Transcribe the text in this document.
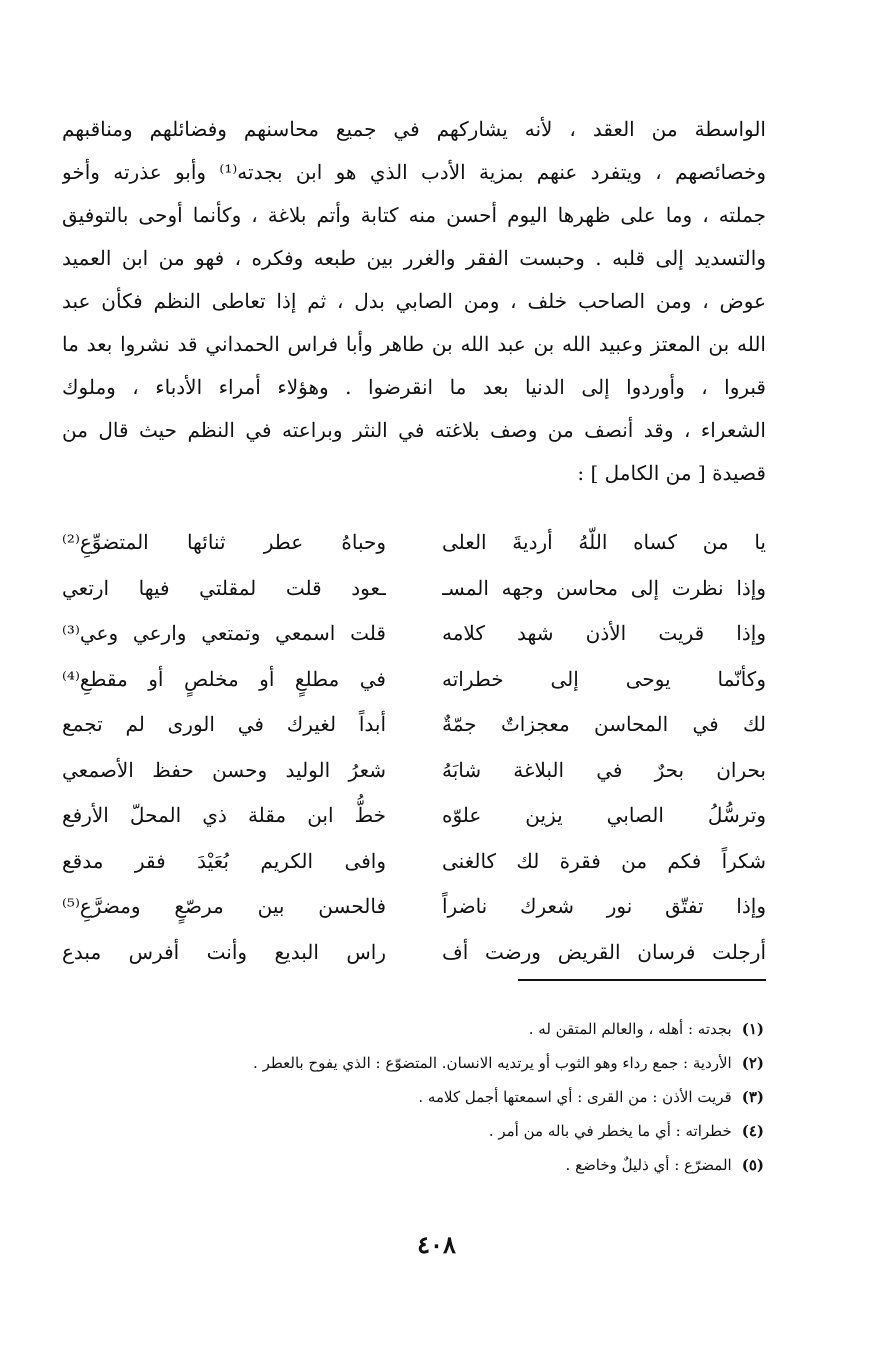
الواسطة من العقد ، لأنه يشاركهم في جميع محاسنهم وفضائلهم ومناقبهم
وخصائصهم ، ويتفرد عنهم بمزية الأدب الذي هو ابن بجدته⁽¹⁾ وأبو عذرته وأخو
جملته ، وما على ظهرها اليوم أحسن منه كتابة وأتم بلاغة ، وكأنما أوحى بالتوفيق
والتسديد إلى قلبه . وحبست الفقر والغرر بين طبعه وفكره ، فهو من ابن العميد
عوض ، ومن الصاحب خلف ، ومن الصابي بدل ، ثم إذا تعاطى النظم فكأن عبد
الله بن المعتز وعبيد الله بن عبد الله بن طاهر وأبا فراس الحمداني قد نشروا بعد ما
قبروا ، وأوردوا إلى الدنيا بعد ما انقرضوا . وهؤلاء أمراء الأدباء ، وملوك
الشعراء ، وقد أنصف من وصف بلاغته في النثر وبراعته في النظم حيث قال من
قصيدة [ من الكامل ] :
يا من كساه اللّهُ أرديةَ العلى
وحباهُ عطر ثنائها المتضوِّعِ⁽²⁾
وإذا نظرت إلى محاسن وجهه المسـ
ـعود قلت لمقلتي فيها ارتعي
وإذا قريت الأذن شهد كلامه
قلت اسمعي وتمتعي وارعي وعي⁽³⁾
وكأنّما يوحى إلى خطراته
في مطلعٍ أو مخلصٍ أو مقطعِ⁽⁴⁾
لك في المحاسن معجزاتٌ جمّةٌ
أبداً لغيرك في الورى لم تجمع
بحران بحرٌ في البلاغة شابَهُ
شعرُ الوليد وحسن حفظ الأصمعي
وترسُّلُ الصابي يزين علوّه
خطُّ ابن مقلة ذي المحلّ الأرفع
شكراً فكم من فقرة لك كالغنى
وافى الكريم بُعَيْدَ فقر مدقع
وإذا تفتّق نور شعرك ناضراً
فالحسن بين مرصّعٍ ومضرَّعِ⁽⁵⁾
أرجلت فرسان القريض ورضت أف
راس البديع وأنت أفرس مبدع
(١)بجدته : أهله ، والعالم المتقن له .
(٢)الأردية : جمع رداء وهو الثوب أو يرتديه الانسان. المتضوّع : الذي يفوح بالعطر .
(٣)قريت الأذن : من القرى : أي اسمعتها أجمل كلامه .
(٤)خطراته : أي ما يخطر في باله من أمر .
(٥)المضرّع : أي ذليلٌ وخاضع .
٤٠٨
